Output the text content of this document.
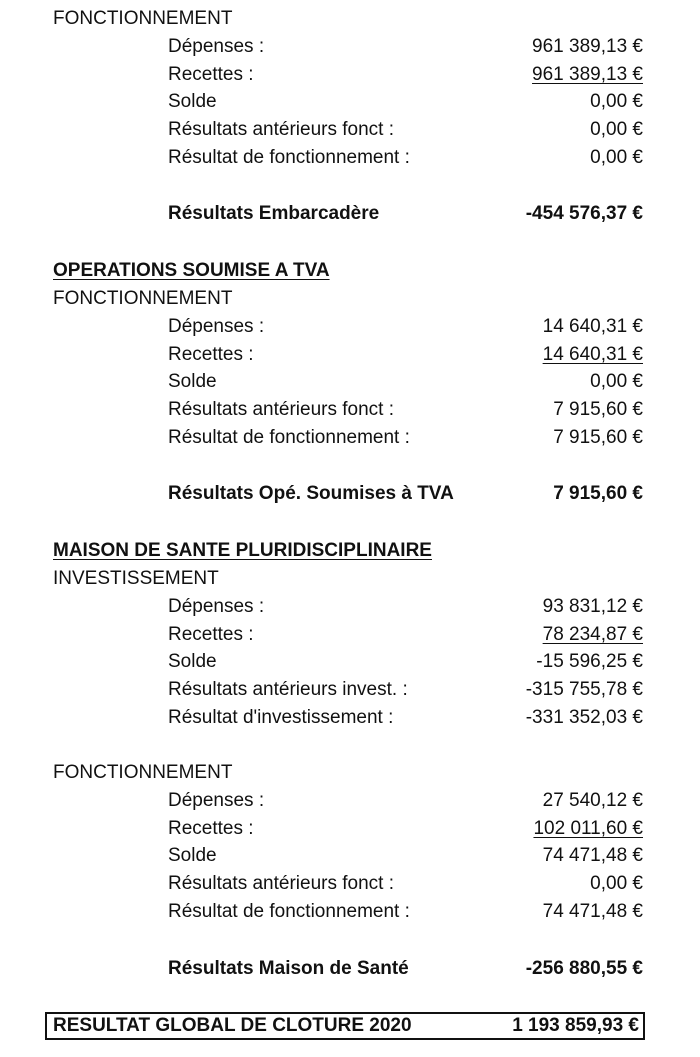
FONCTIONNEMENT
Dépenses :	961 389,13 €
Recettes :	961 389,13 €
Solde	0,00 €
Résultats antérieurs fonct :	0,00 €
Résultat de fonctionnement :	0,00 €
Résultats Embarcadère	-454 576,37 €
OPERATIONS SOUMISE A TVA
FONCTIONNEMENT
Dépenses :	14 640,31 €
Recettes :	14 640,31 €
Solde	0,00 €
Résultats antérieurs fonct :	7 915,60 €
Résultat de fonctionnement :	7 915,60 €
Résultats Opé. Soumises à TVA	7 915,60 €
MAISON DE SANTE PLURIDISCIPLINAIRE
INVESTISSEMENT
Dépenses :	93 831,12 €
Recettes :	78 234,87 €
Solde	-15 596,25 €
Résultats antérieurs invest. :	-315 755,78 €
Résultat d'investissement :	-331 352,03 €
FONCTIONNEMENT
Dépenses :	27 540,12 €
Recettes :	102 011,60 €
Solde	74 471,48 €
Résultats antérieurs fonct :	0,00 €
Résultat de fonctionnement :	74 471,48 €
Résultats Maison de Santé	-256 880,55 €
RESULTAT GLOBAL DE CLOTURE 2020	1 193 859,93 €
